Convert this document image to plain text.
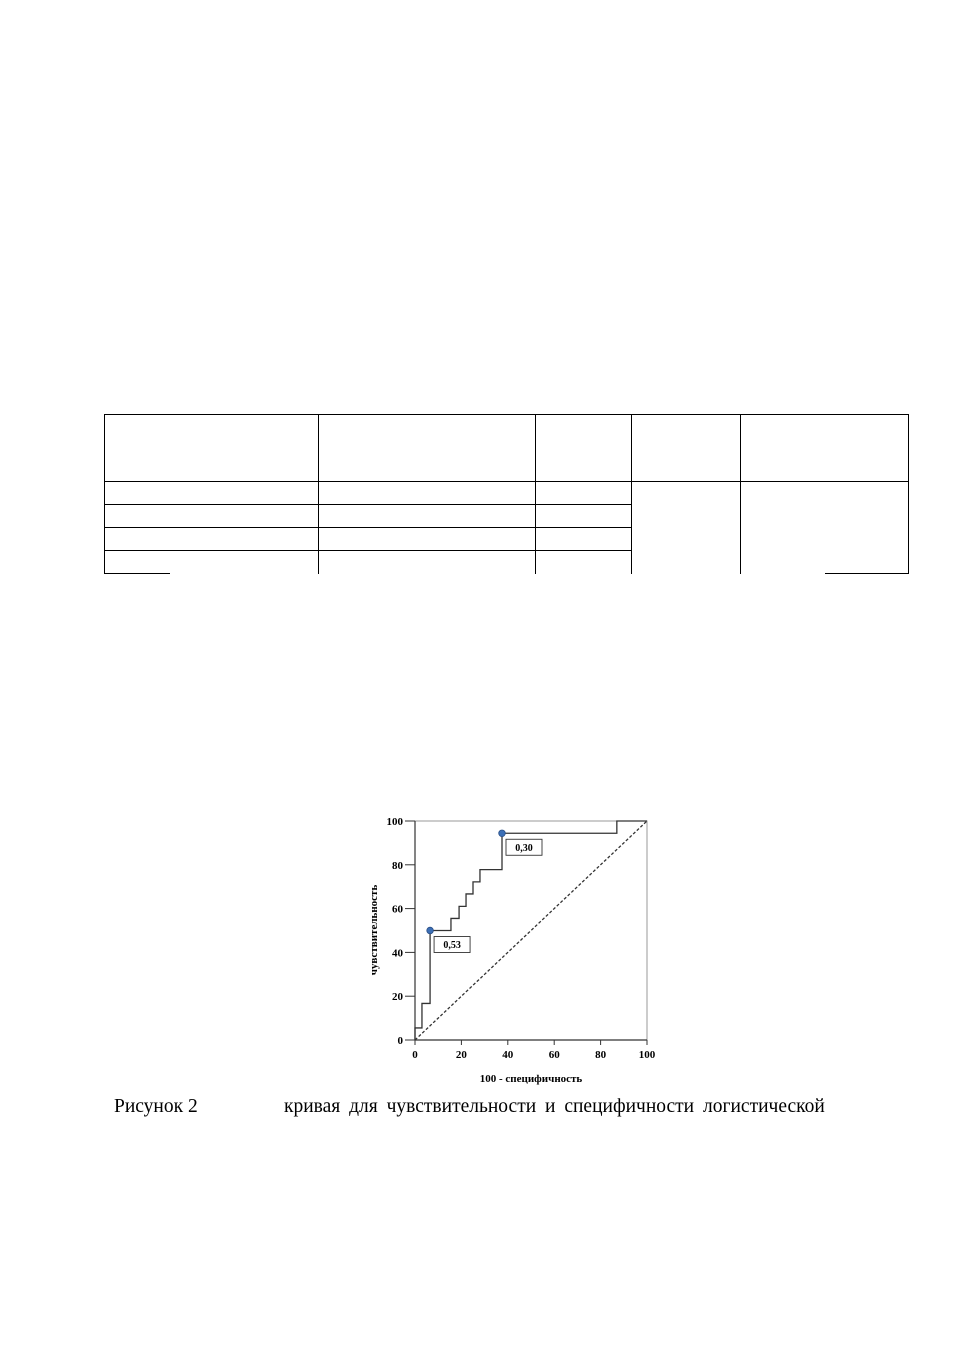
0	20	40	60	80	100
0
20
40
60
80
100
0,53
0,30
100 - специфичность
чувствительность
Рисунок 2	кривая для чувствительности и специфичности логистической
